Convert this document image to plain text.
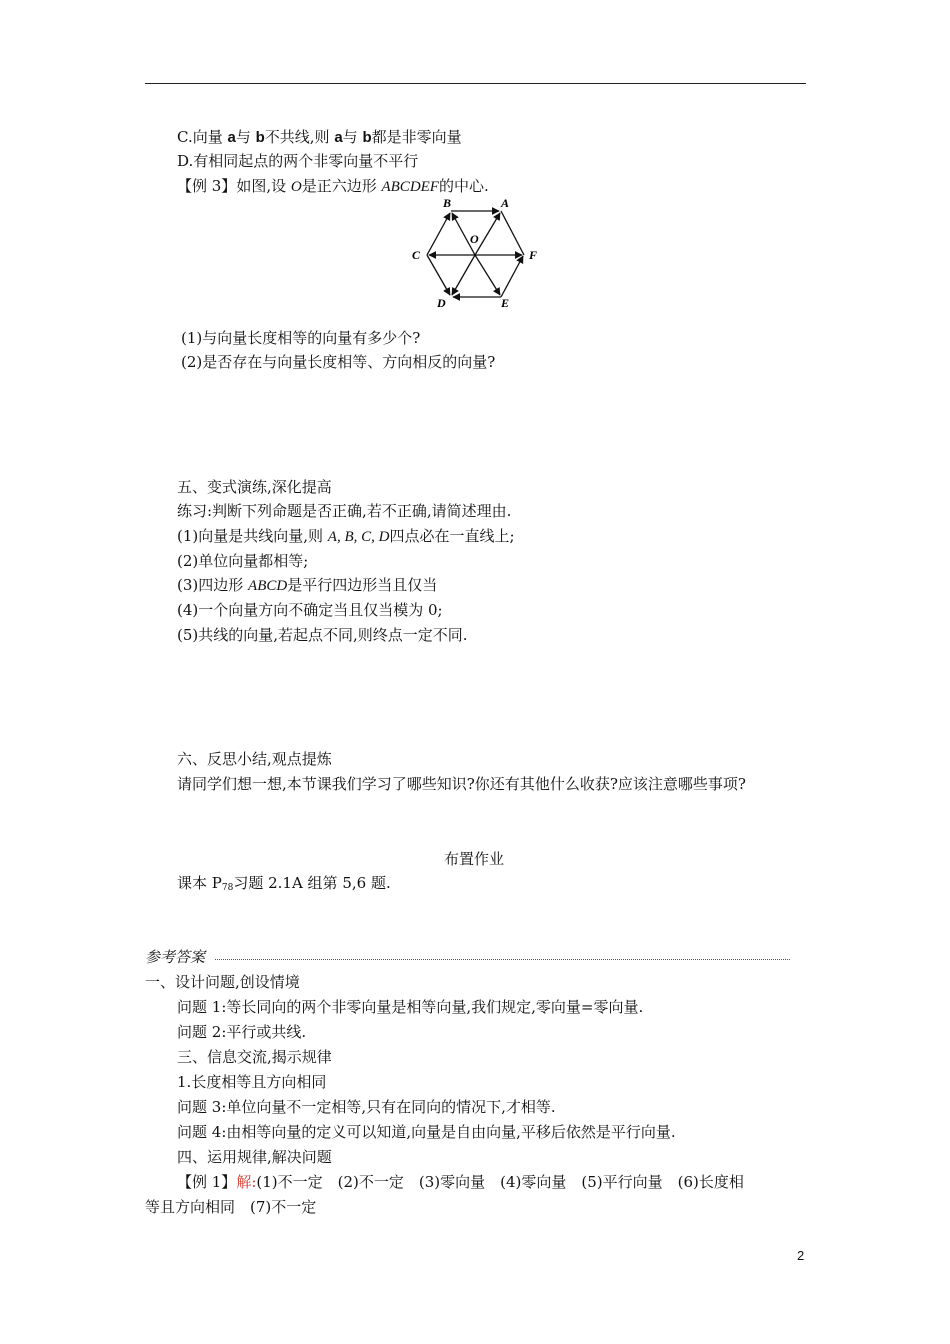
C.向量 a与 b不共线,则 a与 b都是非零向量
D.有相同起点的两个非零向量不平行
【例 3】如图,设 O是正六边形 ABCDEF的中心.
B	A
O
C	F
D	E
(1)与向量长度相等的向量有多少个?
(2)是否存在与向量长度相等、方向相反的向量?
五、变式演练,深化提高
练习:判断下列命题是否正确,若不正确,请简述理由.
(1)向量是共线向量,则 A, B, C, D四点必在一直线上;
(2)单位向量都相等;
(3)四边形 ABCD是平行四边形当且仅当
(4)一个向量方向不确定当且仅当模为 0;
(5)共线的向量,若起点不同,则终点一定不同.
六、反思小结,观点提炼
请同学们想一想,本节课我们学习了哪些知识?你还有其他什么收获?应该注意哪些事项?
布置作业
课本 $P_{78}$习题 2.1A 组第 5,6 题.
参考答案
一、设计问题,创设情境
问题 1:等长同向的两个非零向量是相等向量,我们规定,零向量=零向量.
问题 2:平行或共线.
三、信息交流,揭示规律
1.长度相等且方向相同
问题 3:单位向量不一定相等,只有在同向的情况下,才相等.
问题 4:由相等向量的定义可以知道,向量是自由向量,平移后依然是平行向量.
四、运用规律,解决问题
【例 1】解:(1)不一定　(2)不一定　(3)零向量　(4)零向量　(5)平行向量　(6)长度相
等且方向相同　(7)不一定
2
